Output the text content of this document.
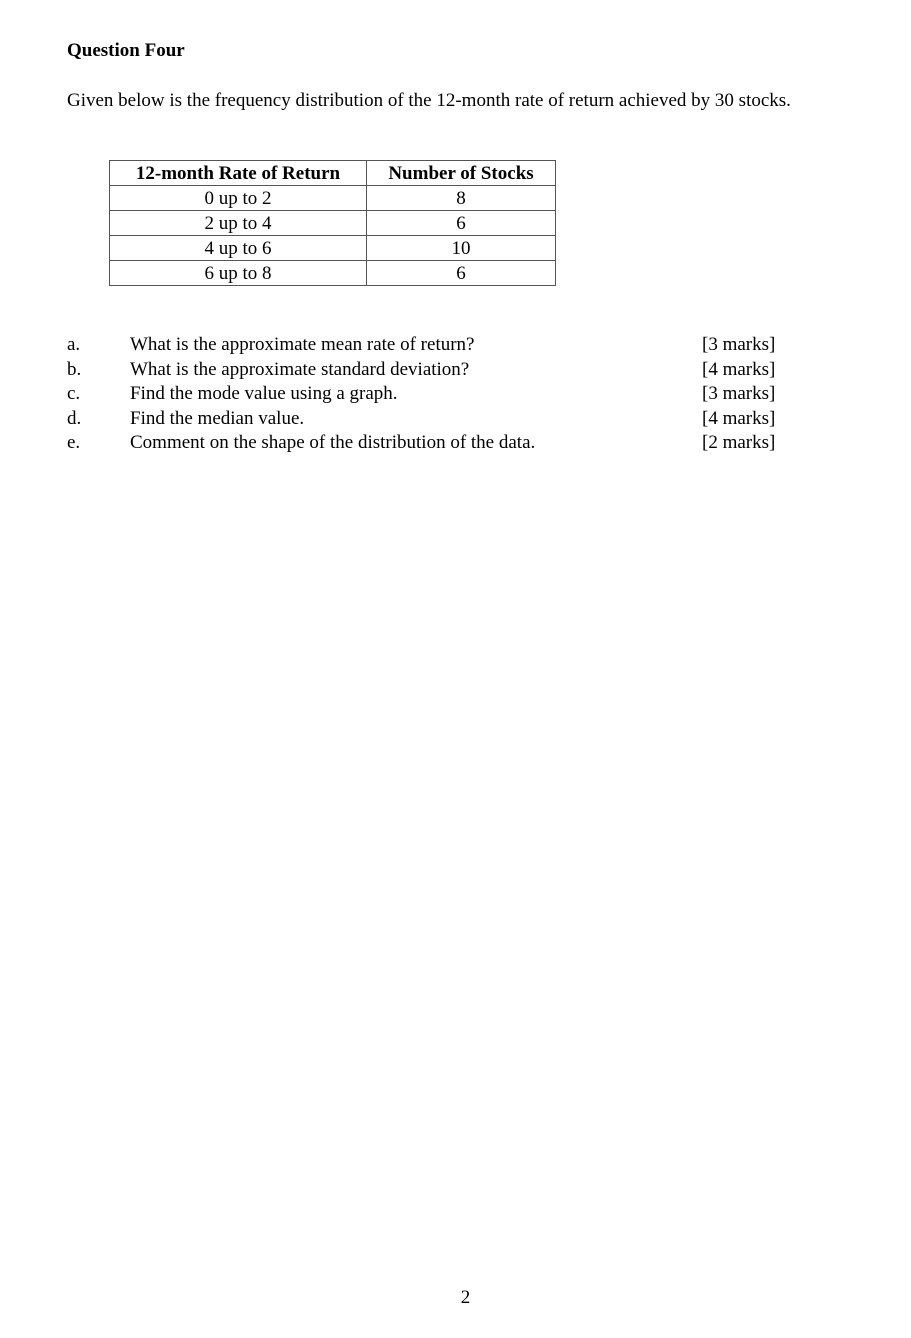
Question Four
Given below is the frequency distribution of the 12-month rate of return achieved by 30 stocks.
12-month Rate of Return	Number of Stocks
0 up to 2	8
2 up to 4	6
4 up to 6	10
6 up to 8	6
a.	What is the approximate mean rate of return?	[3 marks]
b.	What is the approximate standard deviation?	[4 marks]
c.	Find the mode value using a graph.	[3 marks]
d.	Find the median value.	[4 marks]
e.	Comment on the shape of the distribution of the data.	[2 marks]
2
